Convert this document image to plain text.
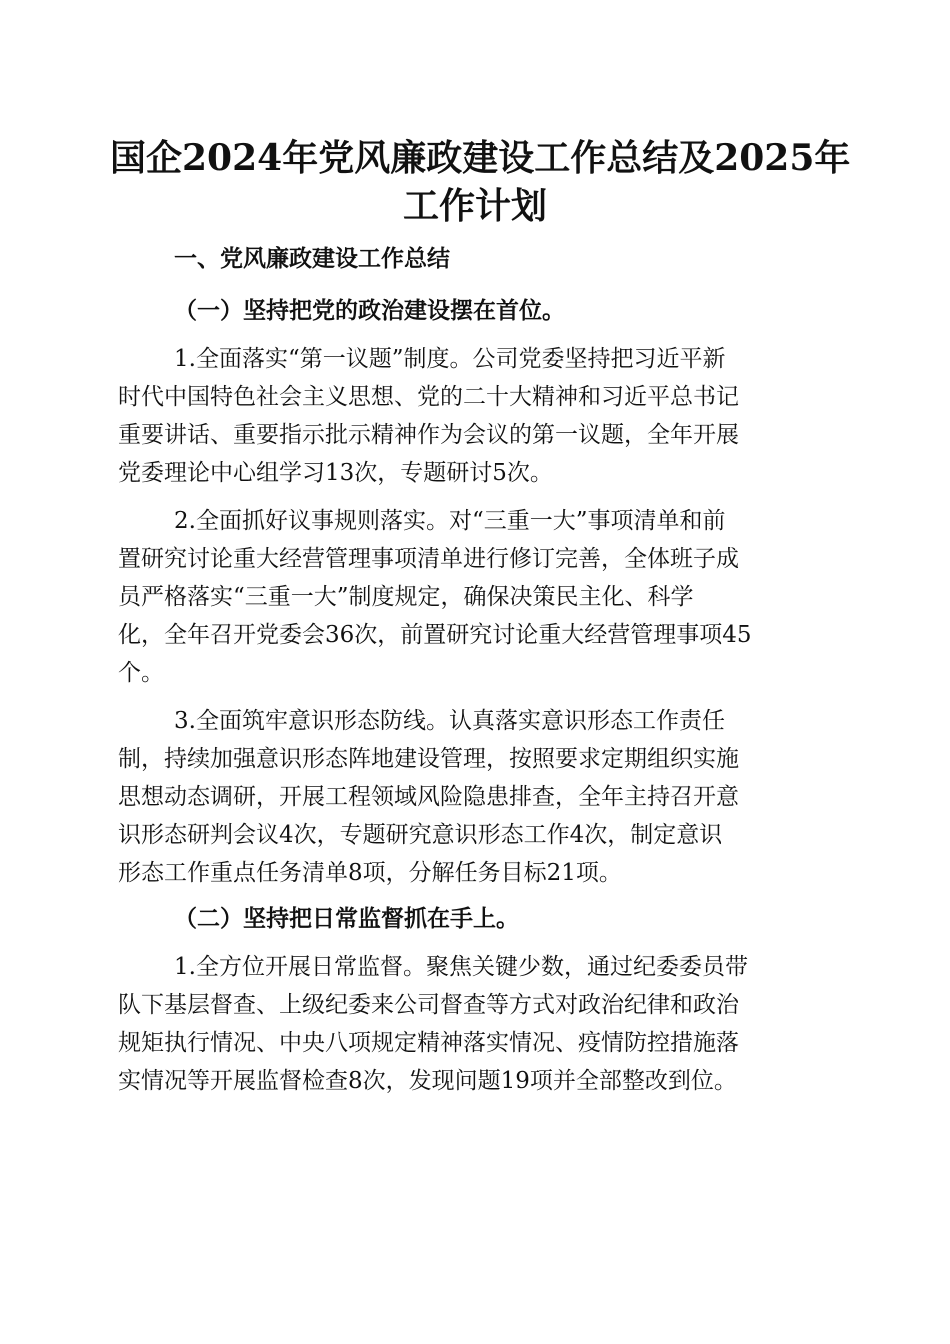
国企2024年党风廉政建设工作总结及2025年
工作计划
一、党风廉政建设工作总结
（一）坚持把党的政治建设摆在首位。

1.全面落实“第一议题”制度。公司党委坚持把习近平新
时代中国特色社会主义思想、党的二十大精神和习近平总书记
重要讲话、重要指示批示精神作为会议的第一议题，全年开展
党委理论中心组学习13次，专题研讨5次。

2.全面抓好议事规则落实。对“三重一大”事项清单和前
置研究讨论重大经营管理事项清单进行修订完善，全体班子成
员严格落实“三重一大”制度规定，确保决策民主化、科学
化，全年召开党委会36次，前置研究讨论重大经营管理事项45
个。

3.全面筑牢意识形态防线。认真落实意识形态工作责任
制，持续加强意识形态阵地建设管理，按照要求定期组织实施
思想动态调研，开展工程领域风险隐患排查，全年主持召开意
识形态研判会议4次，专题研究意识形态工作4次，制定意识
形态工作重点任务清单8项，分解任务目标21项。

（二）坚持把日常监督抓在手上。

1.全方位开展日常监督。聚焦关键少数，通过纪委委员带
队下基层督查、上级纪委来公司督查等方式对政治纪律和政治
规矩执行情况、中央八项规定精神落实情况、疫情防控措施落
实情况等开展监督检查8次，发现问题19项并全部整改到位。
